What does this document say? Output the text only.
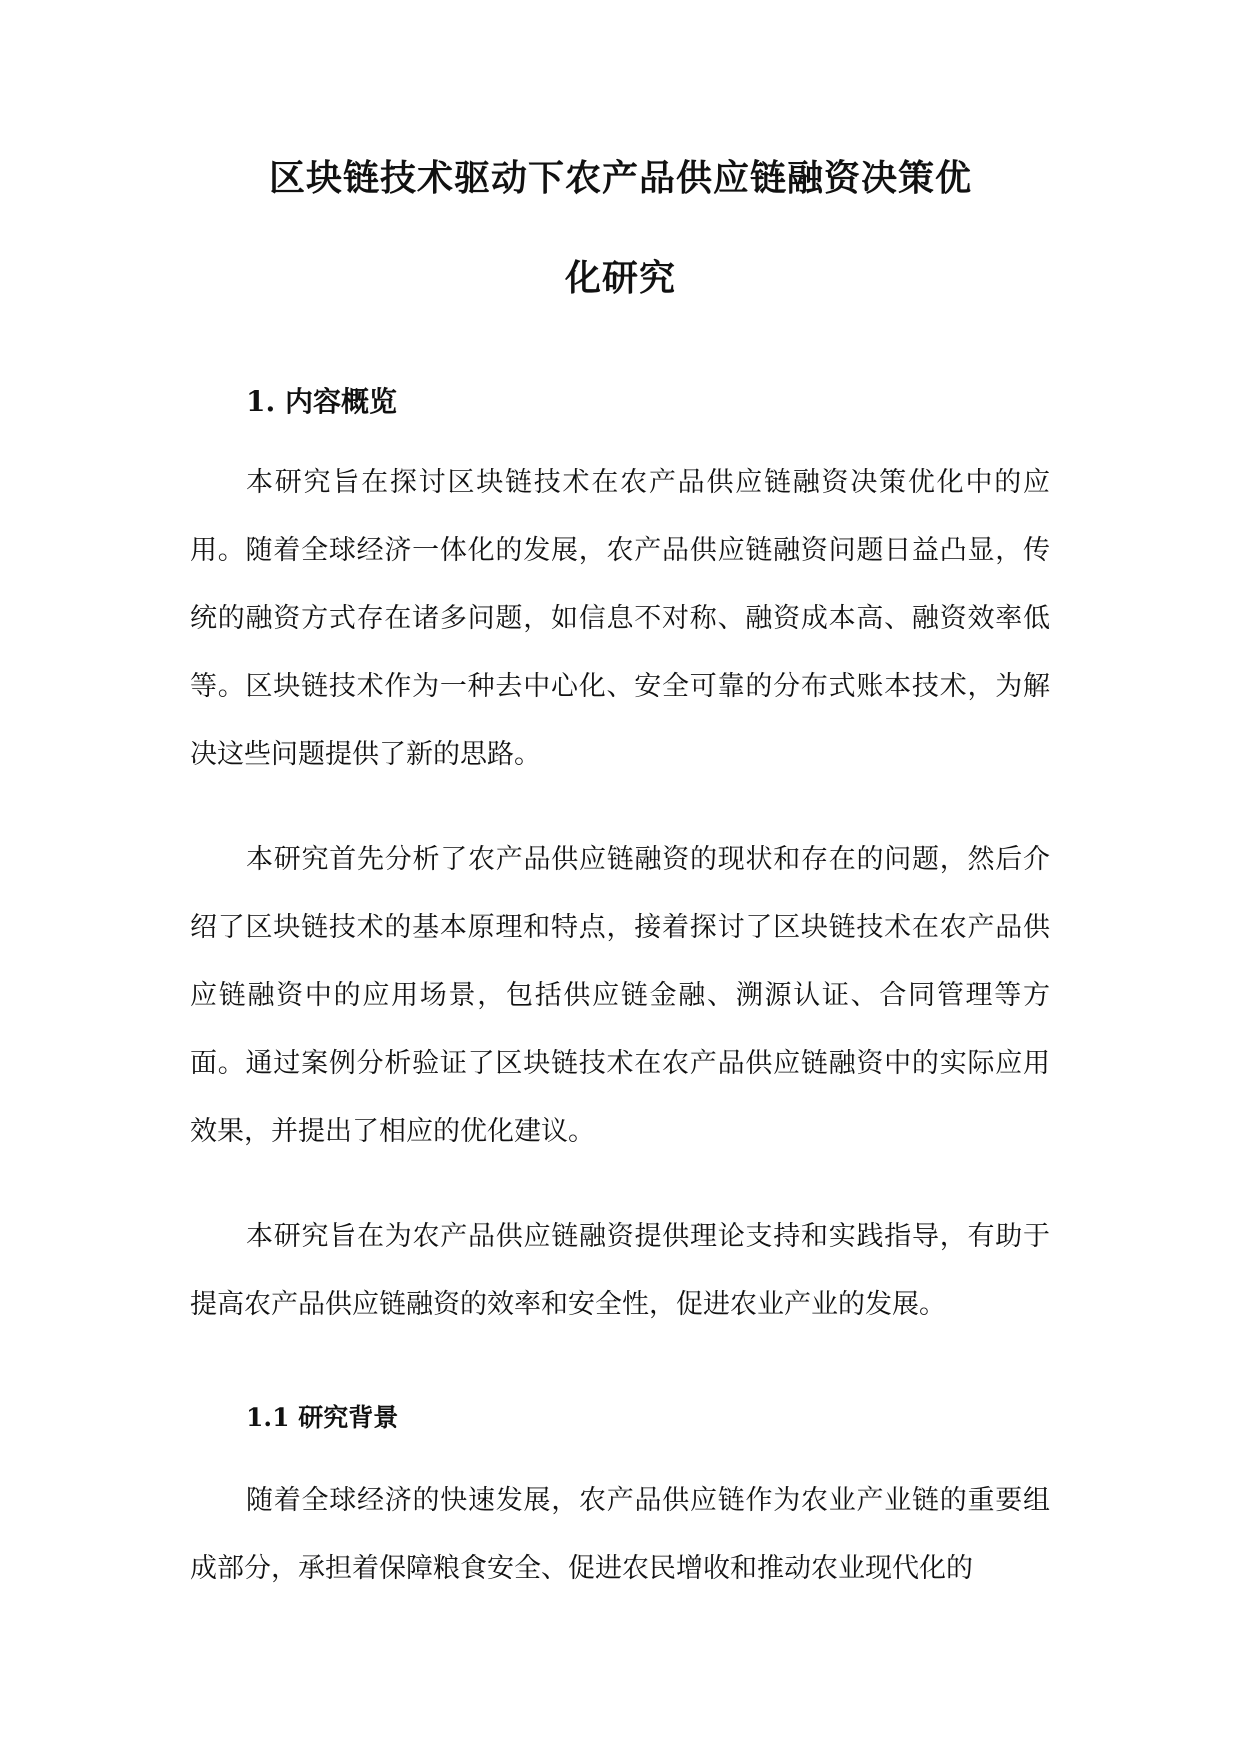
区块链技术驱动下农产品供应链融资决策优
化研究
1. 内容概览

本研究旨在探讨区块链技术在农产品供应链融资决策优化中的应用。随着全球经济一体化的发展，农产品供应链融资问题日益凸显，传统的融资方式存在诸多问题，如信息不对称、融资成本高、融资效率低等。区块链技术作为一种去中心化、安全可靠的分布式账本技术，为解决这些问题提供了新的思路。

本研究首先分析了农产品供应链融资的现状和存在的问题，然后介绍了区块链技术的基本原理和特点，接着探讨了区块链技术在农产品供应链融资中的应用场景，包括供应链金融、溯源认证、合同管理等方面。通过案例分析验证了区块链技术在农产品供应链融资中的实际应用效果，并提出了相应的优化建议。

本研究旨在为农产品供应链融资提供理论支持和实践指导，有助于提高农产品供应链融资的效率和安全性，促进农业产业的发展。

1.1 研究背景

随着全球经济的快速发展，农产品供应链作为农业产业链的重要组成部分，承担着保障粮食安全、促进农民增收和推动农业现代化的
